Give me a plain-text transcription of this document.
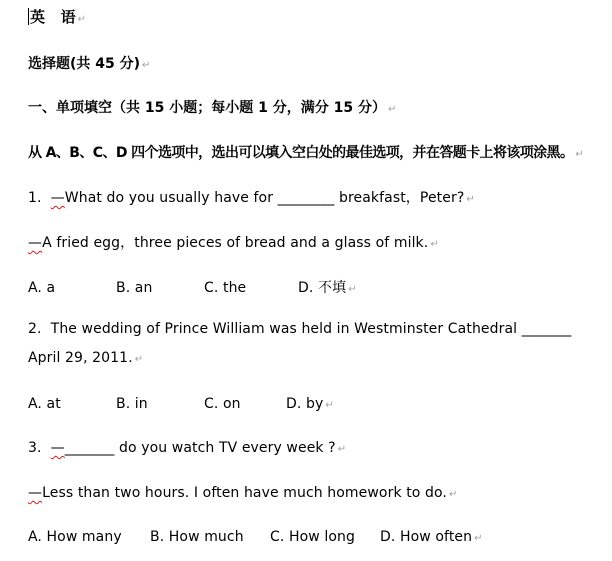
英   语 ↵
选择题(共 45 分) ↵
一、单项填空（共 15 小题；每小题 1 分，满分 15 分） ↵
从 A、B、C、D 四个选项中，选出可以填入空白处的最佳选项，并在答题卡上将该项涂黑。 ↵
1. —What do you usually have for ________ breakfast，Peter? ↵
—A fried egg，three pieces of bread and a glass of milk. ↵
A. a	B. an	C. the	D. 不填 ↵
2. The wedding of Prince William was held in Westminster Cathedral _______
April 29, 2011. ↵
A. at	B. in	C. on	D. by ↵
3. —_______ do you watch TV every week ? ↵
—Less than two hours. I often have much homework to do. ↵
A. How many B. How much C. How long D. How often ↵
